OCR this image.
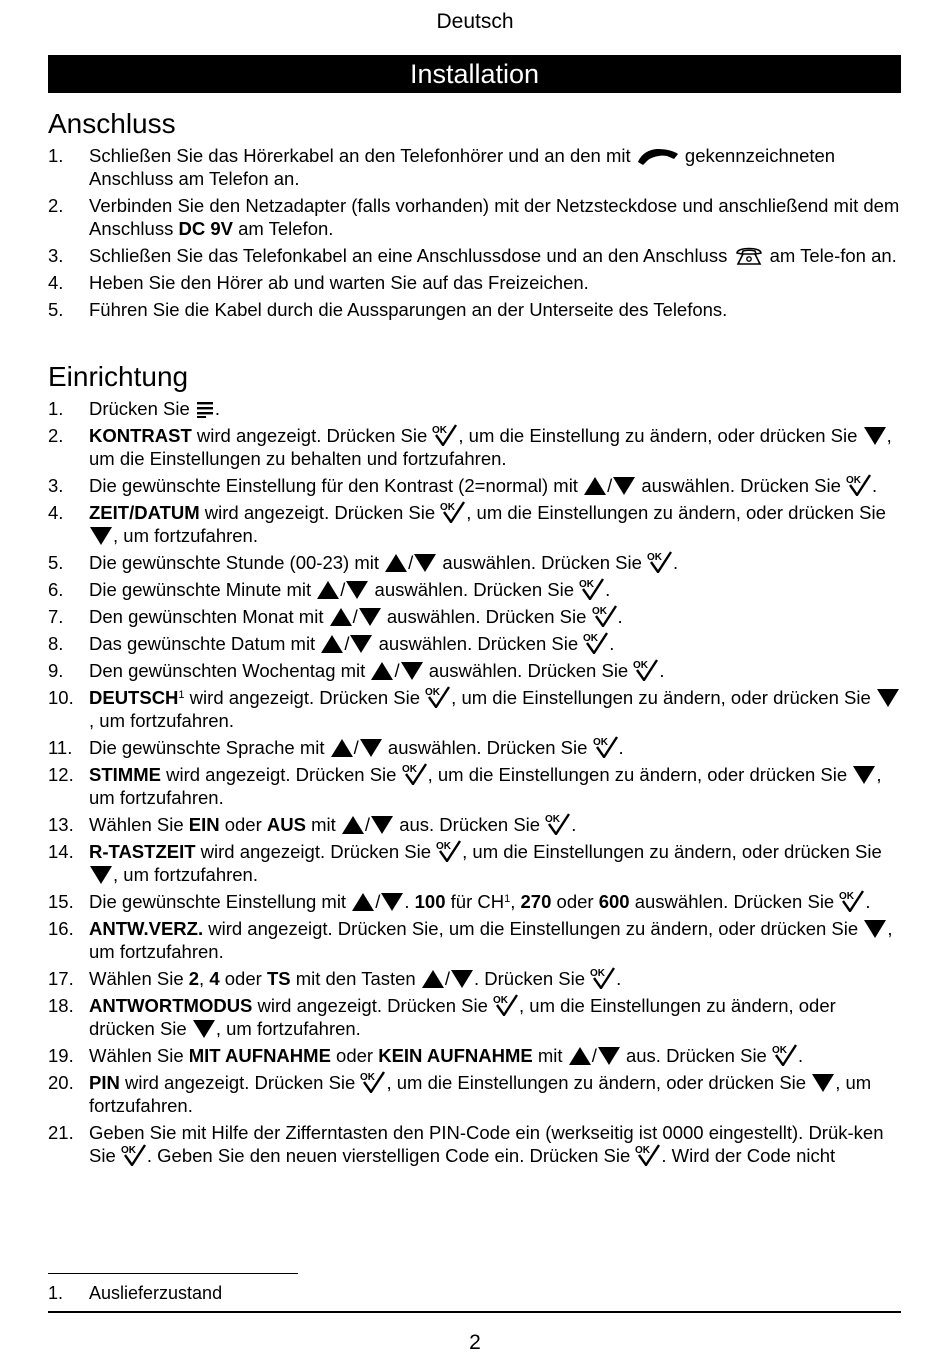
Deutsch
Installation
Anschluss
1. Schließen Sie das Hörerkabel an den Telefonhörer und an den mit
gekennzeichneten Anschluss am Telefon an.
2. Verbinden Sie den Netzadapter (falls vorhanden) mit der Netzsteckdose und anschließend mit dem Anschluss DC 9V am Telefon.
3. Schließen Sie das Telefonkabel an eine Anschlussdose und an den Anschluss
am Tele-fon an.
4. Heben Sie den Hörer ab und warten Sie auf das Freizeichen.
5. Führen Sie die Kabel durch die Aussparungen an der Unterseite des Telefons.
Einrichtung
1. Drücken Sie
.
2. KONTRAST wird angezeigt. Drücken Sie OK , um die Einstellung zu ändern, oder drücken Sie
, um die Einstellungen zu behalten und fortzufahren.
3. Die gewünschte Einstellung für den Kontrast (2=normal) mit
/
auswählen. Drücken Sie OK .
4. ZEIT/DATUM wird angezeigt. Drücken Sie OK , um die Einstellungen zu ändern, oder drücken Sie
, um fortzufahren.
5. Die gewünschte Stunde (00-23) mit
/
auswählen. Drücken Sie OK .
6. Die gewünschte Minute mit
/
auswählen. Drücken Sie OK .
7. Den gewünschten Monat mit
/
auswählen. Drücken Sie OK .
8. Das gewünschte Datum mit
/
auswählen. Drücken Sie OK .
9. Den gewünschten Wochentag mit
/
auswählen. Drücken Sie OK .
10. DEUTSCH$^1$ wird angezeigt. Drücken Sie OK , um die Einstellungen zu ändern, oder drücken Sie
, um fortzufahren.
11. Die gewünschte Sprache mit
/
auswählen. Drücken Sie OK .
12. STIMME wird angezeigt. Drücken Sie OK , um die Einstellungen zu ändern, oder drücken Sie
, um fortzufahren.
13. Wählen Sie EIN oder AUS mit
/
aus. Drücken Sie OK .
14. R-TASTZEIT wird angezeigt. Drücken Sie OK , um die Einstellungen zu ändern, oder drücken Sie
, um fortzufahren.
15. Die gewünschte Einstellung mit
/ . 100 für $CH^1$, 270 oder 600 auswählen. Drücken Sie OK .
16. ANTW.VERZ. wird angezeigt. Drücken Sie, um die Einstellungen zu ändern, oder drücken Sie
, um fortzufahren.
17. Wählen Sie 2, 4 oder TS mit den Tasten
/ . Drücken Sie OK .
18. ANTWORTMODUS wird angezeigt. Drücken Sie OK , um die Einstellungen zu ändern, oder drücken Sie
, um fortzufahren.
19. Wählen Sie MIT AUFNAHME oder KEIN AUFNAHME mit
/
aus. Drücken Sie OK .
20. PIN wird angezeigt. Drücken Sie OK , um die Einstellungen zu ändern, oder drücken Sie
, um fortzufahren.
21. Geben Sie mit Hilfe der Zifferntasten den PIN-Code ein (werkseitig ist 0000 eingestellt). Drük-ken Sie OK . Geben Sie den neuen vierstelligen Code ein. Drücken Sie OK . Wird der Code nicht
1. Auslieferzustand
2
